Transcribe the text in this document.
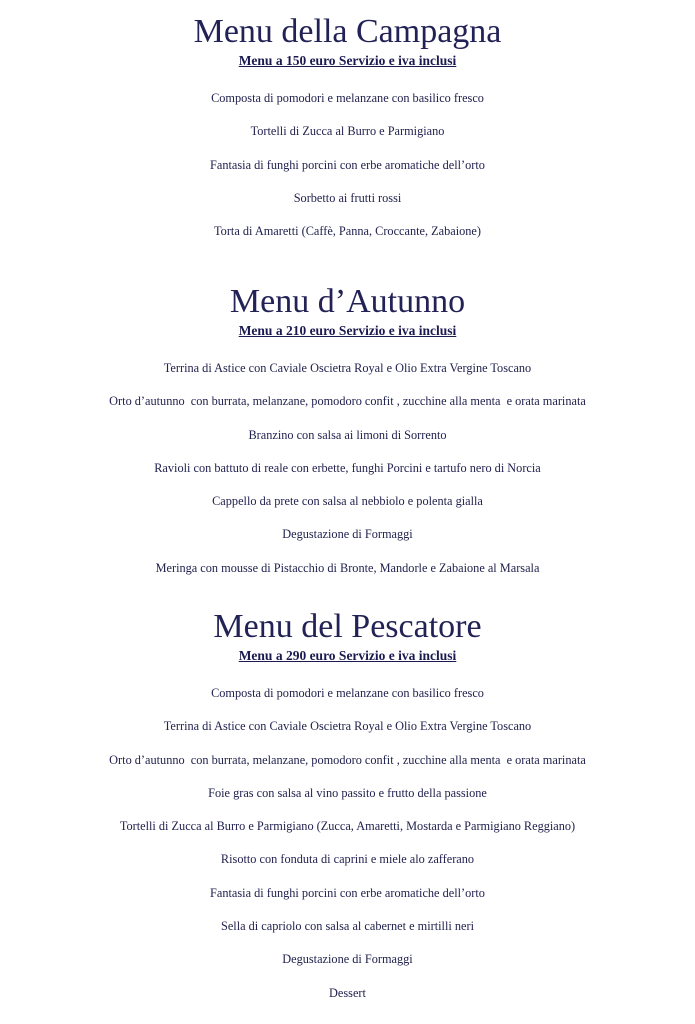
Menu della Campagna
Menu a 150 euro Servizio e iva inclusi
Composta di pomodori e melanzane con basilico fresco
Tortelli di Zucca al Burro e Parmigiano
Fantasia di funghi porcini con erbe aromatiche dell’orto
Sorbetto ai frutti rossi
Torta di Amaretti (Caffè, Panna, Croccante, Zabaione)
Menu d’Autunno
Menu a 210 euro Servizio e iva inclusi
Terrina di Astice con Caviale Oscietra Royal e Olio Extra Vergine Toscano
Orto d’autunno  con burrata, melanzane, pomodoro confit , zucchine alla menta  e orata marinata
Branzino con salsa ai limoni di Sorrento
Ravioli con battuto di reale con erbette, funghi Porcini e tartufo nero di Norcia
Cappello da prete con salsa al nebbiolo e polenta gialla
Degustazione di Formaggi
Meringa con mousse di Pistacchio di Bronte, Mandorle e Zabaione al Marsala
Menu del Pescatore
Menu a 290 euro Servizio e iva inclusi
Composta di pomodori e melanzane con basilico fresco
Terrina di Astice con Caviale Oscietra Royal e Olio Extra Vergine Toscano
Orto d’autunno  con burrata, melanzane, pomodoro confit , zucchine alla menta  e orata marinata
Foie gras con salsa al vino passito e frutto della passione
Tortelli di Zucca al Burro e Parmigiano (Zucca, Amaretti, Mostarda e Parmigiano Reggiano)
Risotto con fonduta di caprini e miele alo zafferano
Fantasia di funghi porcini con erbe aromatiche dell’orto
Sella di capriolo con salsa al cabernet e mirtilli neri
Degustazione di Formaggi
Dessert
